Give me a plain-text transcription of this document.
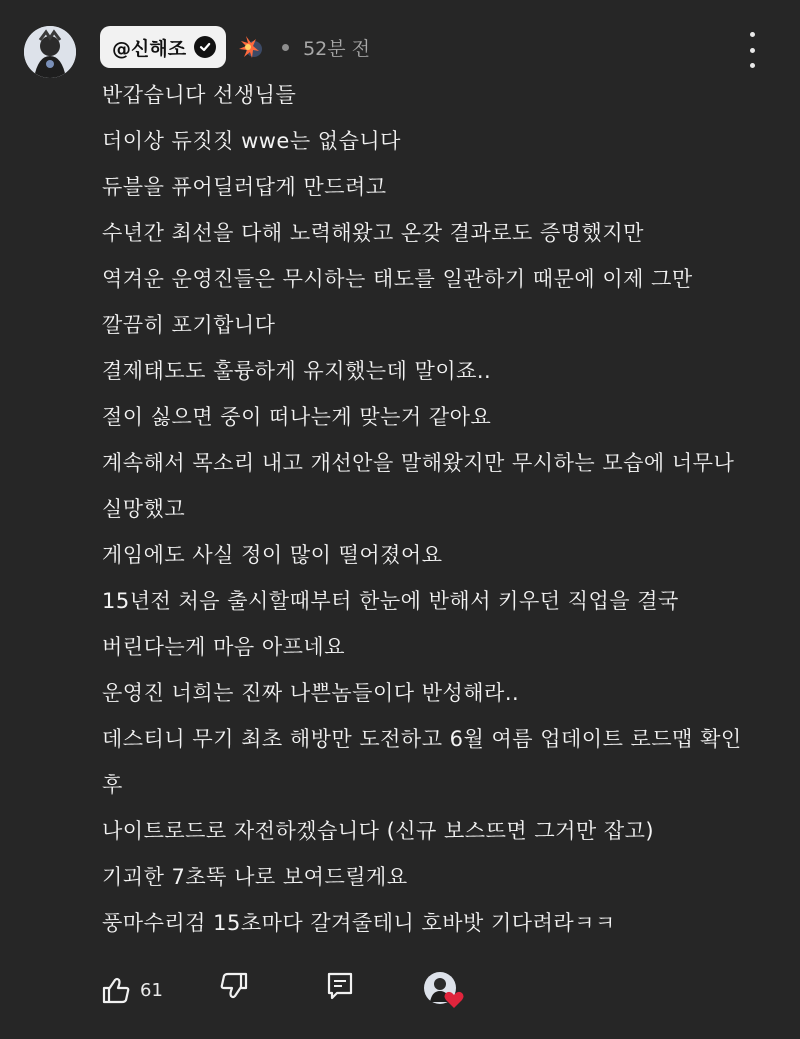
@신해조	52분 전
반갑습니다 선생님들
더이상 듀짓짓 wwe는 없습니다
듀블을 퓨어딜러답게 만드려고
수년간 최선을 다해 노력해왔고 온갖 결과로도 증명했지만
역겨운 운영진들은 무시하는 태도를 일관하기 때문에 이제 그만
깔끔히 포기합니다
결제태도도 훌륭하게 유지했는데 말이죠..
절이 싫으면 중이 떠나는게 맞는거 같아요
계속해서 목소리 내고 개선안을 말해왔지만 무시하는 모습에 너무나
실망했고
게임에도 사실 정이 많이 떨어졌어요
15년전 처음 출시할때부터 한눈에 반해서 키우던 직업을 결국
버린다는게 마음 아프네요
운영진 너희는 진짜 나쁜놈들이다 반성해라..
데스티니 무기 최초 해방만 도전하고 6월 여름 업데이트 로드맵 확인
후
나이트로드로 자전하겠습니다 (신규 보스뜨면 그거만 잡고)
기괴한 7초뚝 나로 보여드릴게요
풍마수리검 15초마다 갈겨줄테니 호바밧 기다려라ㅋㅋ
61
